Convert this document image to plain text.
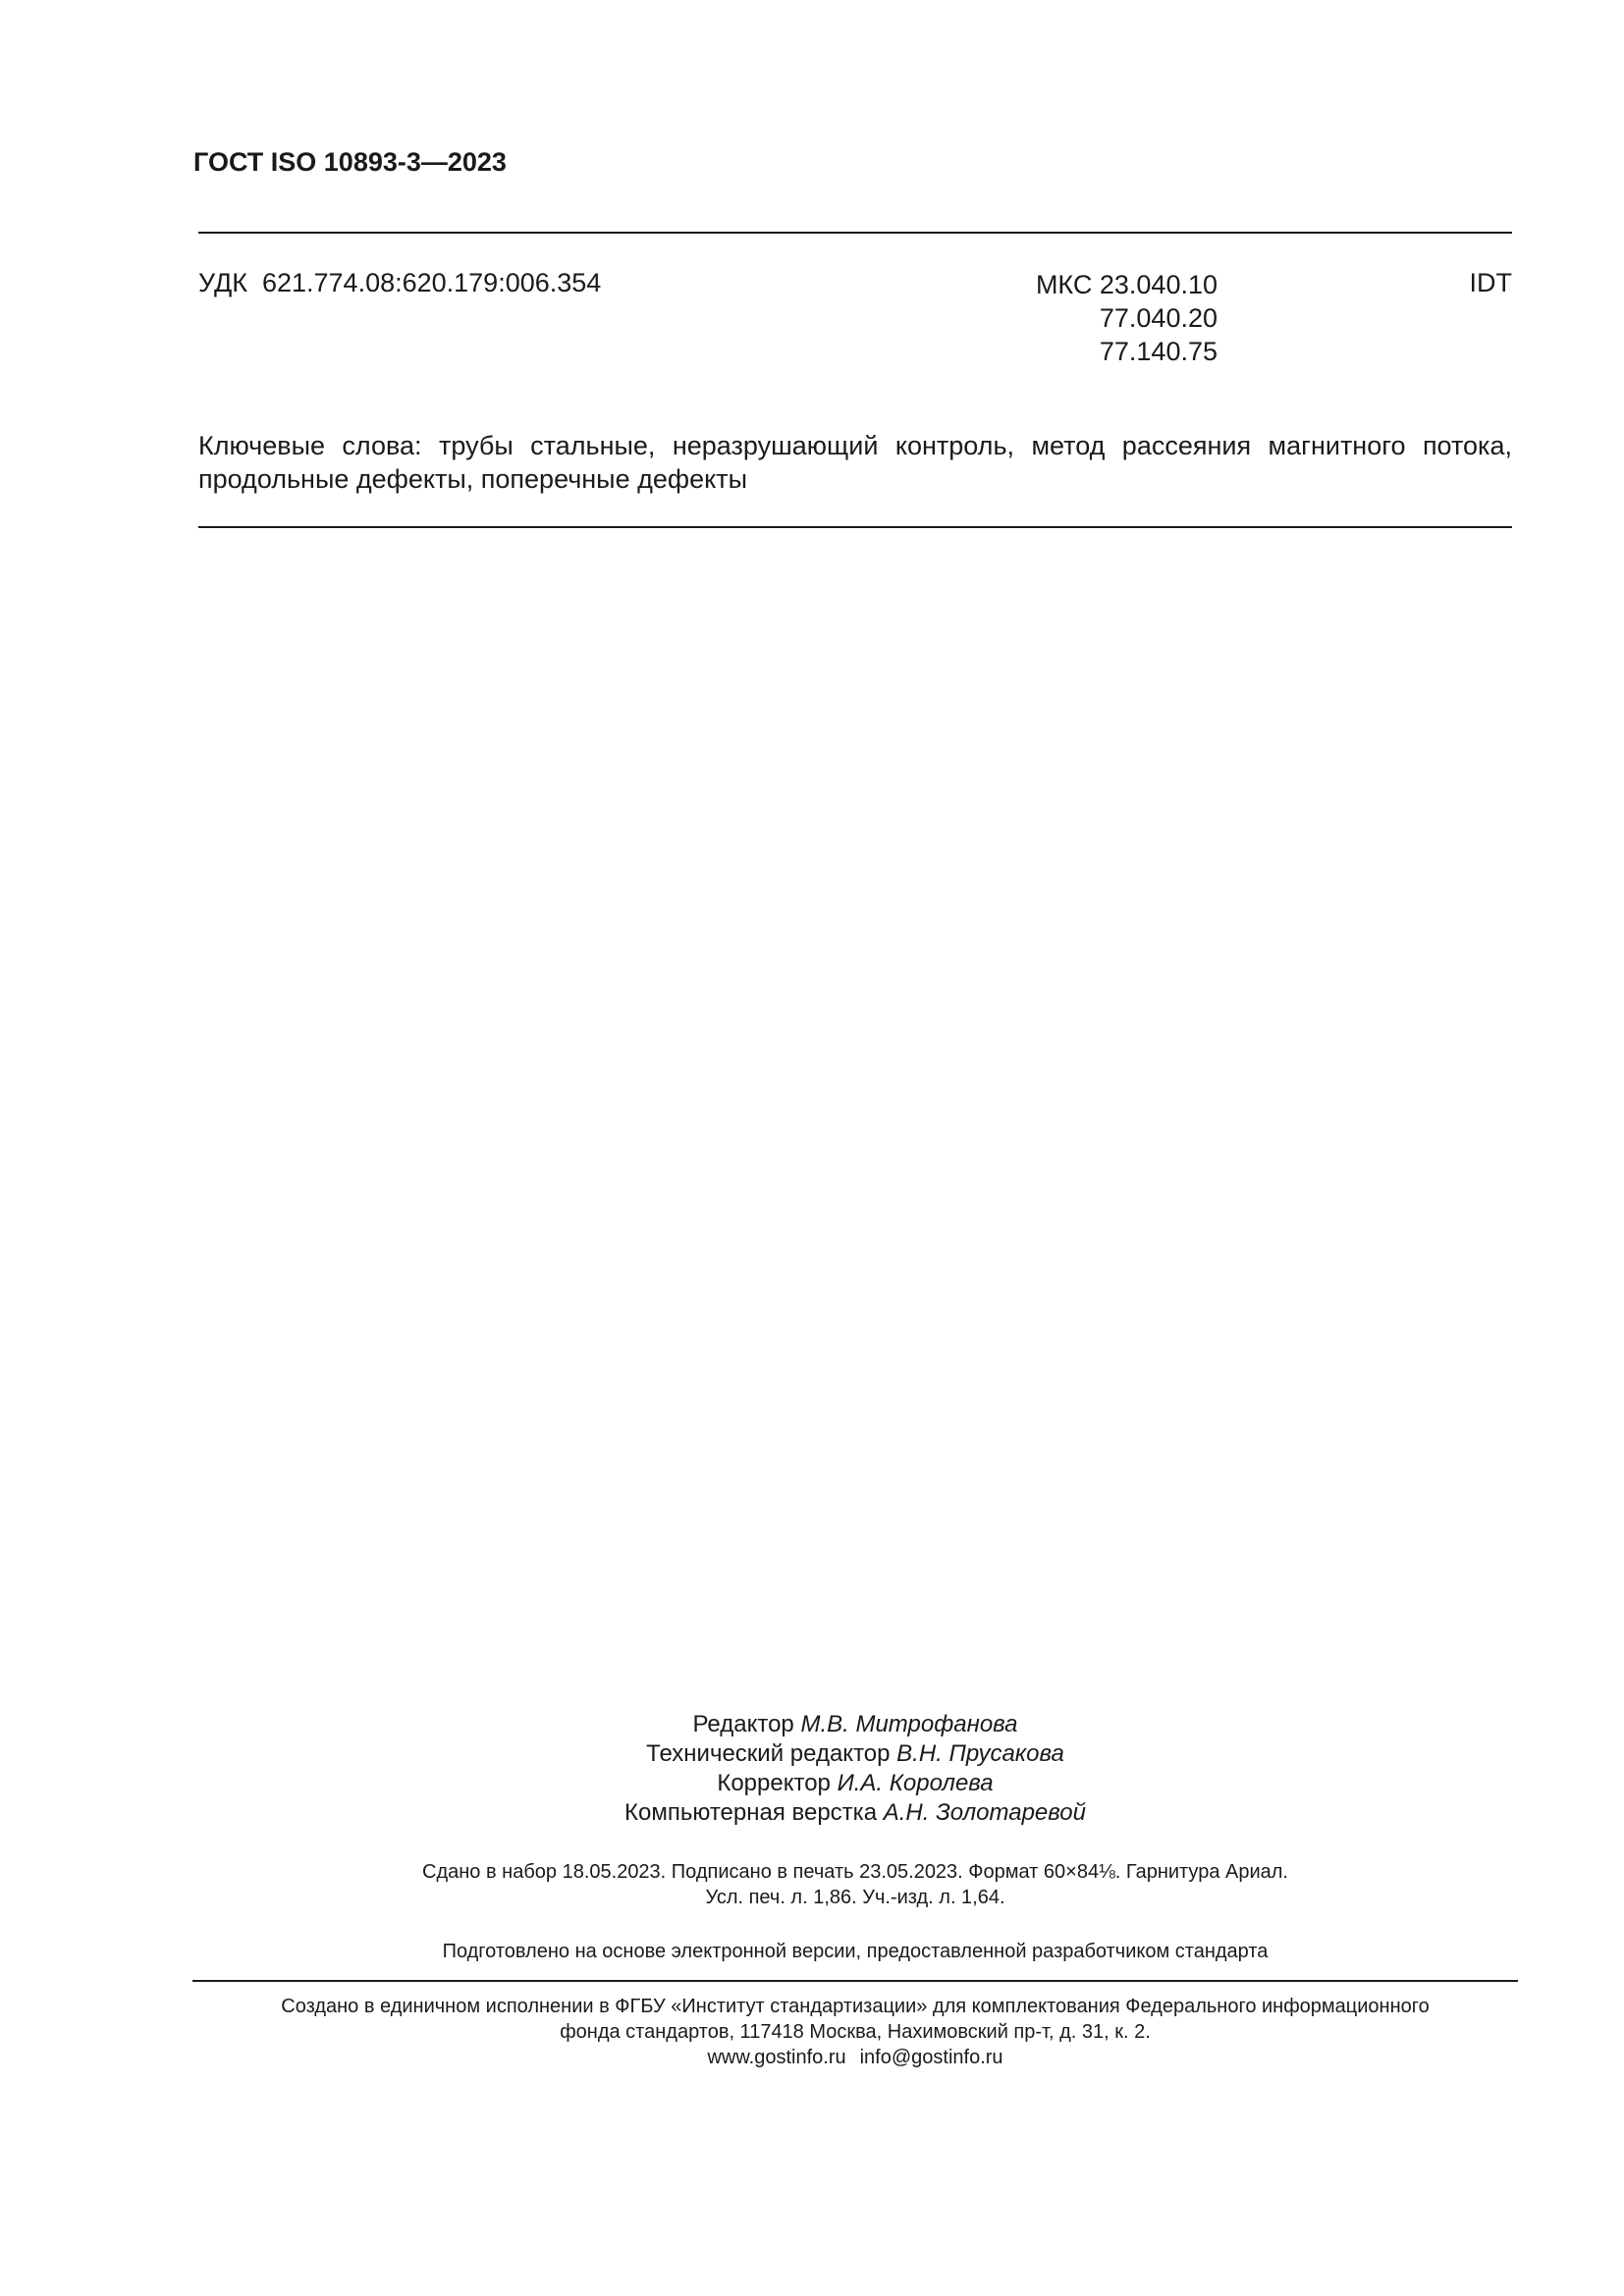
ГОСТ ISO 10893-3—2023
УДК 621.774.08:620.179:006.354	МКС 23.040.10
77.040.20
77.140.75
IDT
Ключевые слова: трубы стальные, неразрушающий контроль, метод рассеяния магнитного потока, продольные дефекты, поперечные дефекты
Редактор М.В. Митрофанова
Технический редактор В.Н. Прусакова
Корректор И.А. Королева
Компьютерная верстка А.Н. Золотаревой
Сдано в набор 18.05.2023. Подписано в печать 23.05.2023. Формат 60×84⅛. Гарнитура Ариал.
Усл. печ. л. 1,86. Уч.-изд. л. 1,64.
Подготовлено на основе электронной версии, предоставленной разработчиком стандарта
Создано в единичном исполнении в ФГБУ «Институт стандартизации» для комплектования Федерального информационного
фонда стандартов, 117418 Москва, Нахимовский пр-т, д. 31, к. 2.
www.gostinfo.ru info@gostinfo.ru
